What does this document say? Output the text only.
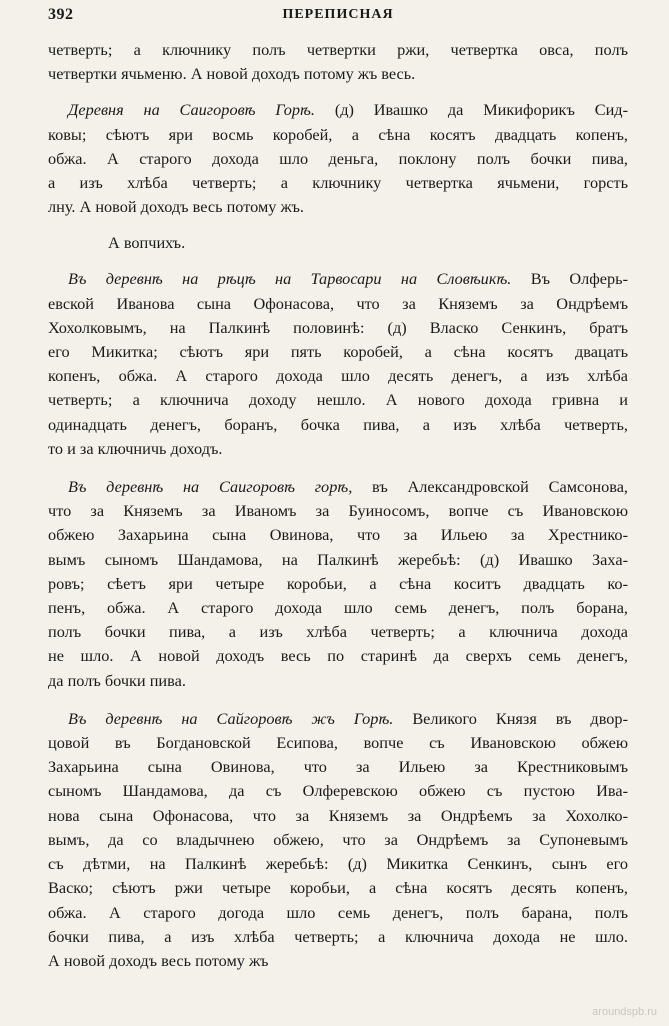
392	ПЕРЕПИСНАЯ

четверть; а ключнику полъ четвертки ржи, четвертка овса, полъ
четвертки ячьменю. А новой доходъ потому жъ весь.

Деревня на Саигоровѣ Горѣ. (д) Ивашко да Микифорикъ Сид-
ковы; сѣютъ яри восмь коробей, а сѣна косятъ двадцать копенъ,
обжа. А старого дохода шло деньга, поклону полъ бочки пива,
а изъ хлѣба четверть; а ключнику четвертка ячьмени, горсть
лну. А новой доходъ весь потому жъ.

А вопчихъ.

Въ деревнѣ на рѣцѣ на Тарвосари на Словѣикѣ. Въ Олферь-
евской Иванова сына Офонасова, что за Княземъ за Ондрѣемъ
Хохолковымъ, на Палкинѣ половинѣ: (д) Власко Сенкинъ, братъ
его Микитка; сѣютъ яри пять коробей, а сѣна косятъ двацать
копенъ, обжа. А старого дохода шло десять денегъ, а изъ хлѣба
четверть; а ключнича доходу нешло. А нового дохода гривна и
одинадцать денегъ, боранъ, бочка пива, а изъ хлѣба четверть,
то и за ключничь доходъ.

Въ деревнѣ на Саигоровѣ горѣ, въ Александровской Самсонова,
что за Княземъ за Иваномъ за Буиносомъ, вопче съ Ивановскою
обжею Захарьина сына Овинова, что за Ильею за Хрестнико-
вымъ сыномъ Шандамова, на Палкинѣ жеребьѣ: (д) Ивашко Заха-
ровъ; сѣетъ яри четыре коробьи, а сѣна коситъ двадцать ко-
пенъ, обжа. А старого дохода шло семь денегъ, полъ борана,
полъ бочки пива, а изъ хлѣба четверть; а ключнича дохода
не шло. А новой доходъ весь по старинѣ да сверхъ семь денегъ,
да полъ бочки пива.

Въ деревнѣ на Сайгоровѣ жъ Горѣ. Великого Князя въ двор-
цовой въ Богдановской Есипова, вопче съ Ивановскою обжею
Захарьина сына Овинова, что за Ильею за Крестниковымъ
сыномъ Шандамова, да съ Олферевскою обжею съ пустою Ива-
нова сына Офонасова, что за Княземъ за Ондрѣемъ за Хохолко-
вымъ, да со владычнею обжею, что за Ондрѣемъ за Супоневымъ
съ дѣтми, на Палкинѣ жеребьѣ: (д) Микитка Сенкинъ, сынъ его
Васко; сѣютъ ржи четыре коробьи, а сѣна косятъ десять копенъ,
обжа. А старого догода шло семь денегъ, полъ барана, полъ
бочки пива, а изъ хлѣба четверть; а ключнича дохода не шло.
А новой доходъ весь потому жъ

aroundspb.ru
